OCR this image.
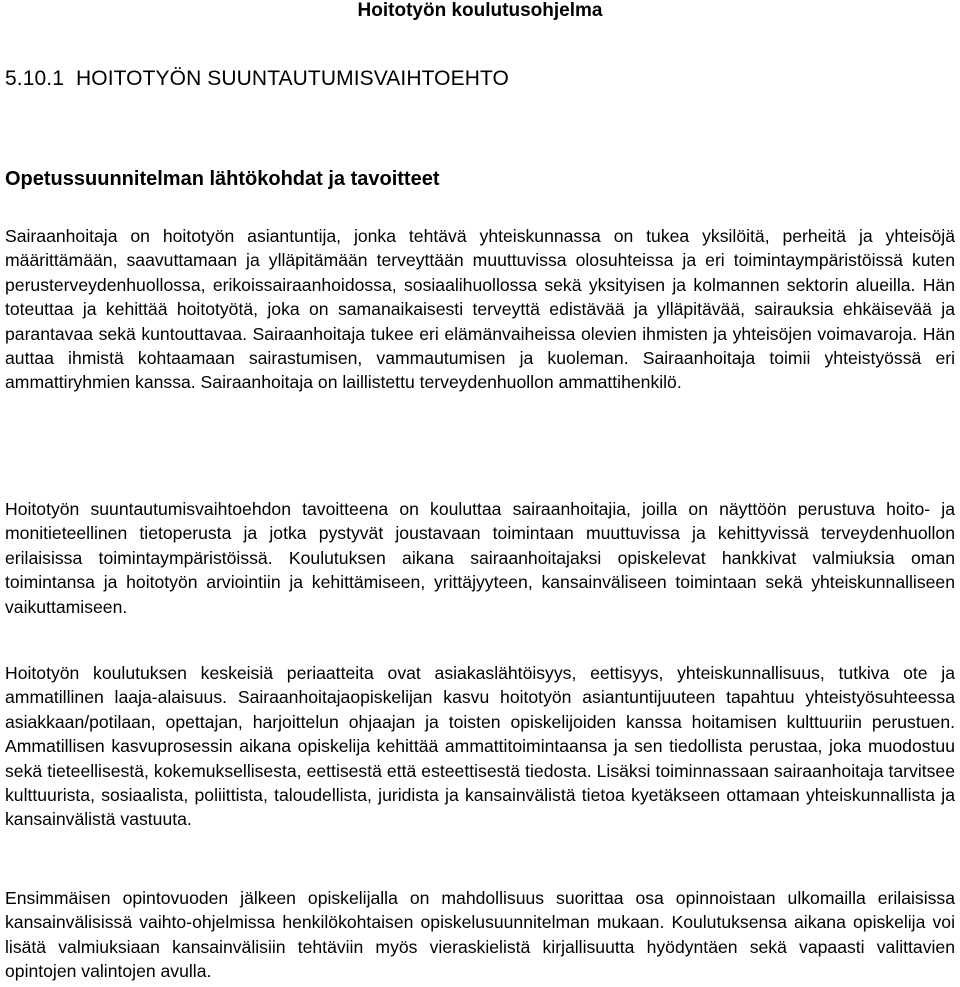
Hoitotyön koulutusohjelma
5.10.1 HOITOTYÖN SUUNTAUTUMISVAIHTOEHTO
Opetussuunnitelman lähtökohdat ja tavoitteet

Sairaanhoitaja on hoitotyön asiantuntija, jonka tehtävä yhteiskunnassa on tukea yksilöitä, perheitä ja yhteisöjä määrittämään, saavuttamaan ja ylläpitämään terveyttään muuttuvissa olosuhteissa ja eri toimintaympäristöissä kuten perusterveydenhuollossa, erikoissairaanhoidossa, sosiaalihuollossa sekä yksityisen ja kolmannen sektorin alueilla. Hän toteuttaa ja kehittää hoitotyötä, joka on samanaikaisesti terveyttä edistävää ja ylläpitävää, sairauksia ehkäisevää ja parantavaa sekä kuntouttavaa. Sairaanhoitaja tukee eri elämänvaiheissa olevien ihmisten ja yhteisöjen voimavaroja. Hän auttaa ihmistä kohtaamaan sairastumisen, vammautumisen ja kuoleman. Sairaanhoitaja toimii yhteistyössä eri ammattiryhmien kanssa. Sairaanhoitaja on laillistettu terveydenhuollon ammattihenkilö.

Hoitotyön suuntautumisvaihtoehdon tavoitteena on kouluttaa sairaanhoitajia, joilla on näyttöön perustuva hoito- ja monitieteellinen tietoperusta ja jotka pystyvät joustavaan toimintaan muuttuvissa ja kehittyvissä terveydenhuollon erilaisissa toimintaympäristöissä. Koulutuksen aikana sairaanhoitajaksi opiskelevat hankkivat valmiuksia oman toimintansa ja hoitotyön arviointiin ja kehittämiseen, yrittäjyyteen, kansainväliseen toimintaan sekä yhteiskunnalliseen vaikuttamiseen.

Hoitotyön koulutuksen keskeisiä periaatteita ovat asiakaslähtöisyys, eettisyys, yhteiskunnallisuus, tutkiva ote ja ammatillinen laaja-alaisuus. Sairaanhoitajaopiskelijan kasvu hoitotyön asiantuntijuuteen tapahtuu yhteistyösuhteessa asiakkaan/potilaan, opettajan, harjoittelun ohjaajan ja toisten opiskelijoiden kanssa hoitamisen kulttuuriin perustuen. Ammatillisen kasvuprosessin aikana opiskelija kehittää ammattitoimintaansa ja sen tiedollista perustaa, joka muodostuu sekä tieteellisestä, kokemuksellisesta, eettisestä että esteettisestä tiedosta. Lisäksi toiminnassaan sairaanhoitaja tarvitsee kulttuurista, sosiaalista, poliittista, taloudellista, juridista ja kansainvälistä tietoa kyetäkseen ottamaan yhteiskunnallista ja kansainvälistä vastuuta.

Ensimmäisen opintovuoden jälkeen opiskelijalla on mahdollisuus suorittaa osa opinnoistaan ulkomailla erilaisissa kansainvälisissä vaihto-ohjelmissa henkilökohtaisen opiskelusuunnitelman mukaan. Koulutuksensa aikana opiskelija voi lisätä valmiuksiaan kansainvälisiin tehtäviin myös vieraskielistä kirjallisuutta hyödyntäen sekä vapaasti valittavien opintojen valintojen avulla.
